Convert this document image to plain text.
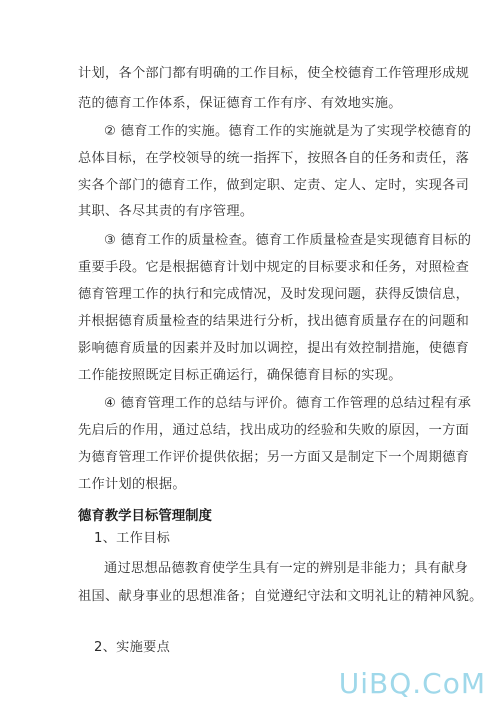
计划，各个部门都有明确的工作目标，使全校德育工作管理形成规
范的德育工作体系，保证德育工作有序、有效地实施。
② 德育工作的实施。德育工作的实施就是为了实现学校德育的
总体目标，在学校领导的统一指挥下，按照各自的任务和责任，落
实各个部门的德育工作，做到定职、定责、定人、定时，实现各司
其职、各尽其责的有序管理。
③ 德育工作的质量检查。德育工作质量检查是实现德育目标的
重要手段。它是根据德育计划中规定的目标要求和任务，对照检查
德育管理工作的执行和完成情况，及时发现问题，获得反馈信息，
并根据德育质量检查的结果进行分析，找出德育质量存在的问题和
影响德育质量的因素并及时加以调控，提出有效控制措施，使德育
工作能按照既定目标正确运行，确保德育目标的实现。
④ 德育管理工作的总结与评价。德育工作管理的总结过程有承
先启后的作用，通过总结，找出成功的经验和失败的原因，一方面
为德育管理工作评价提供依据；另一方面又是制定下一个周期德育
工作计划的根据。
德育教学目标管理制度
1、工作目标
通过思想品德教育使学生具有一定的辨别是非能力；具有献身
祖国、献身事业的思想准备；自觉遵纪守法和文明礼让的精神风貌。
2、实施要点
UiBQ.CoM
